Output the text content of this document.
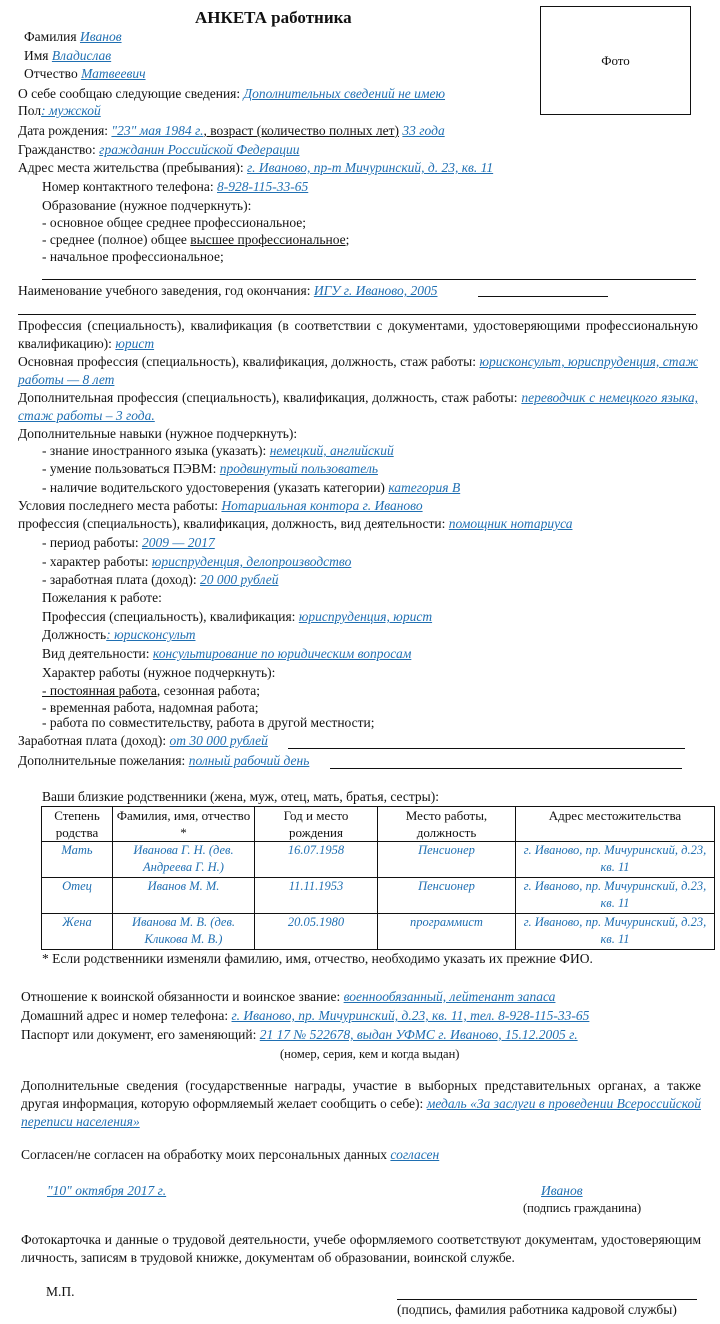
АНКЕТА работника
Фото
Фамилия Иванов
Имя Владислав
Отчество Матвеевич
О себе сообщаю следующие сведения: Дополнительных сведений не имею
Пол: мужской
Дата рождения: "23" мая 1984 г., возраст (количество полных лет) 33 года
Гражданство: гражданин Российской Федерации
Адрес места жительства (пребывания): г. Иваново, пр-т Мичуринский, д. 23, кв. 11
Номер контактного телефона: 8-928-115-33-65
Образование (нужное подчеркнуть):
- основное общее среднее профессиональное;
- среднее (полное) общее высшее профессиональное;
- начальное профессиональное;
Наименование учебного заведения, год окончания: ИГУ г. Иваново, 2005
Профессия (специальность), квалификация (в соответствии с документами, удостоверяющими профессиональную квалификацию): юрист
Основная профессия (специальность), квалификация, должность, стаж работы: юрисконсульт, юриспруденция, стаж работы — 8 лет
Дополнительная профессия (специальность), квалификация, должность, стаж работы: переводчик с немецкого языка, стаж работы – 3 года.
Дополнительные навыки (нужное подчеркнуть):
- знание иностранного языка (указать): немецкий, английский
- умение пользоваться ПЭВМ: продвинутый пользователь
- наличие водительского удостоверения (указать категории) категория В
Условия последнего места работы: Нотариальная контора г. Иваново
профессия (специальность), квалификация, должность, вид деятельности: помощник нотариуса
- период работы: 2009 — 2017
- характер работы: юриспруденция, делопроизводство
- заработная плата (доход): 20 000 рублей
Пожелания к работе:
Профессия (специальность), квалификация: юриспруденция, юрист
Должность: юрисконсульт
Вид деятельности: консультирование по юридическим вопросам
Характер работы (нужное подчеркнуть):
- постоянная работа, сезонная работа;
- временная работа, надомная работа;
- работа по совместительству, работа в другой местности;
Заработная плата (доход): от 30 000 рублей
Дополнительные пожелания: полный рабочий день
Ваши близкие родственники (жена, муж, отец, мать, братья, сестры):
Степень родства	Фамилия, имя, отчество *	Год и место рождения	Место работы, должность	Адрес местожительства
Мать	Иванова Г. Н. (дев. Андреева Г. Н.)	16.07.1958	Пенсионер	г. Иваново, пр. Мичуринский, д.23, кв. 11
Отец	Иванов М. М.	11.11.1953	Пенсионер	г. Иваново, пр. Мичуринский, д.23, кв. 11
Жена	Иванова М. В. (дев. Кликова М. В.)	20.05.1980	программист	г. Иваново, пр. Мичуринский, д.23, кв. 11
* Если родственники изменяли фамилию, имя, отчество, необходимо указать их прежние ФИО.
Отношение к воинской обязанности и воинское звание: военнообязанный, лейтенант запаса
Домашний адрес и номер телефона: г. Иваново, пр. Мичуринский, д.23, кв. 11, тел. 8-928-115-33-65
Паспорт или документ, его заменяющий: 21 17 № 522678, выдан УФМС г. Иваново, 15.12.2005 г.
(номер, серия, кем и когда выдан)
Дополнительные сведения (государственные награды, участие в выборных представительных органах, а также другая информация, которую оформляемый желает сообщить о себе): медаль «За заслуги в проведении Всероссийской переписи населения»
Согласен/не согласен на обработку моих персональных данных согласен
"10" октября 2017 г.	Иванов
(подпись гражданина)
Фотокарточка и данные о трудовой деятельности, учебе оформляемого соответствуют документам, удостоверяющим личность, записям в трудовой книжке, документам об образовании, воинской службе.
М.П.
(подпись, фамилия работника кадровой службы)
